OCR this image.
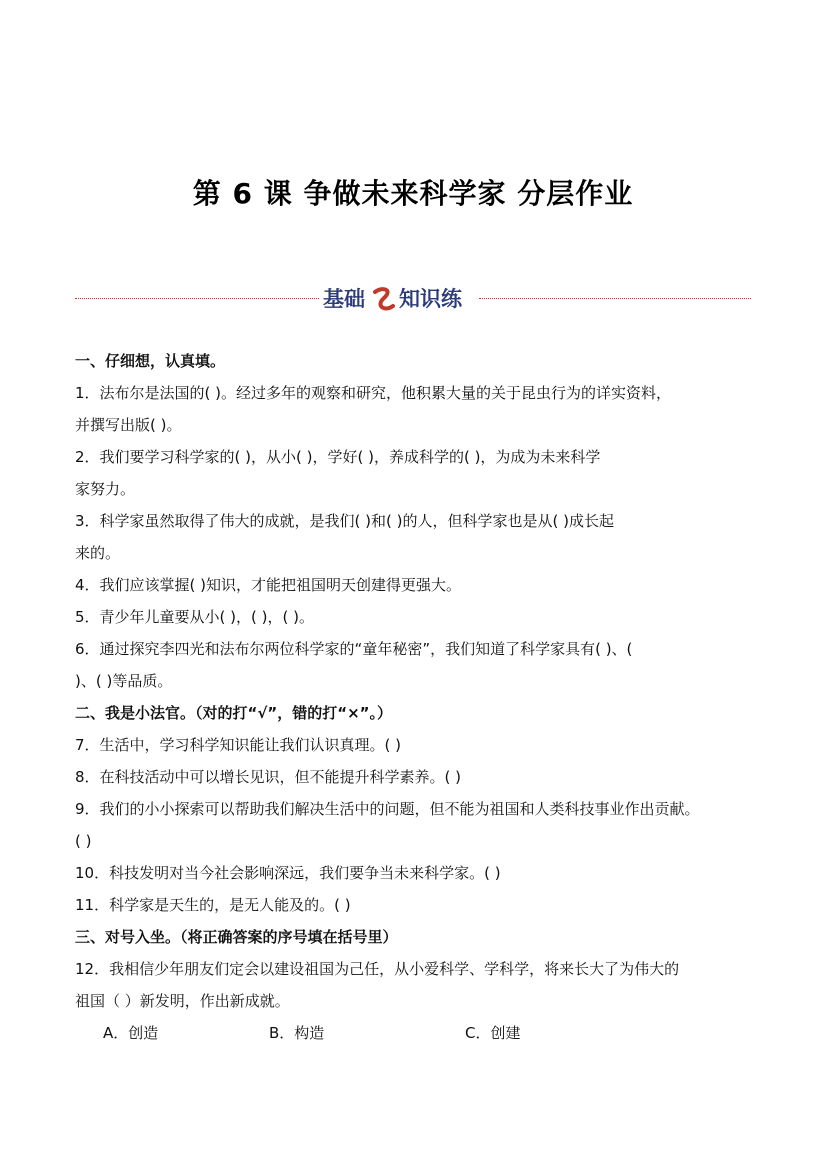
第 6 课 争做未来科学家 分层作业
基础 知识练
一、仔细想，认真填。
1．法布尔是法国的( )。经过多年的观察和研究，他积累大量的关于昆虫行为的详实资料，
并撰写出版( )。
2．我们要学习科学家的( )，从小( )，学好( )，养成科学的( )，为成为未来科学
家努力。
3．科学家虽然取得了伟大的成就，是我们( )和( )的人，但科学家也是从( )成长起
来的。
4．我们应该掌握( )知识，才能把祖国明天创建得更强大。
5．青少年儿童要从小( )，( )，( )。
6．通过探究李四光和法布尔两位科学家的“童年秘密”，我们知道了科学家具有( )、(
)、( )等品质。
二、我是小法官。（对的打“√”，错的打“×”。）
7．生活中，学习科学知识能让我们认识真理。( )
8．在科技活动中可以增长见识，但不能提升科学素养。( )
9．我们的小小探索可以帮助我们解决生活中的问题，但不能为祖国和人类科技事业作出贡献。
( )
10．科技发明对当今社会影响深远，我们要争当未来科学家。( )
11．科学家是天生的，是无人能及的。( )
三、对号入坐。（将正确答案的序号填在括号里）
12．我相信少年朋友们定会以建设祖国为己任，从小爱科学、学科学，将来长大了为伟大的
祖国（ ）新发明，作出新成就。
A．创造	B．构造	C．创建
